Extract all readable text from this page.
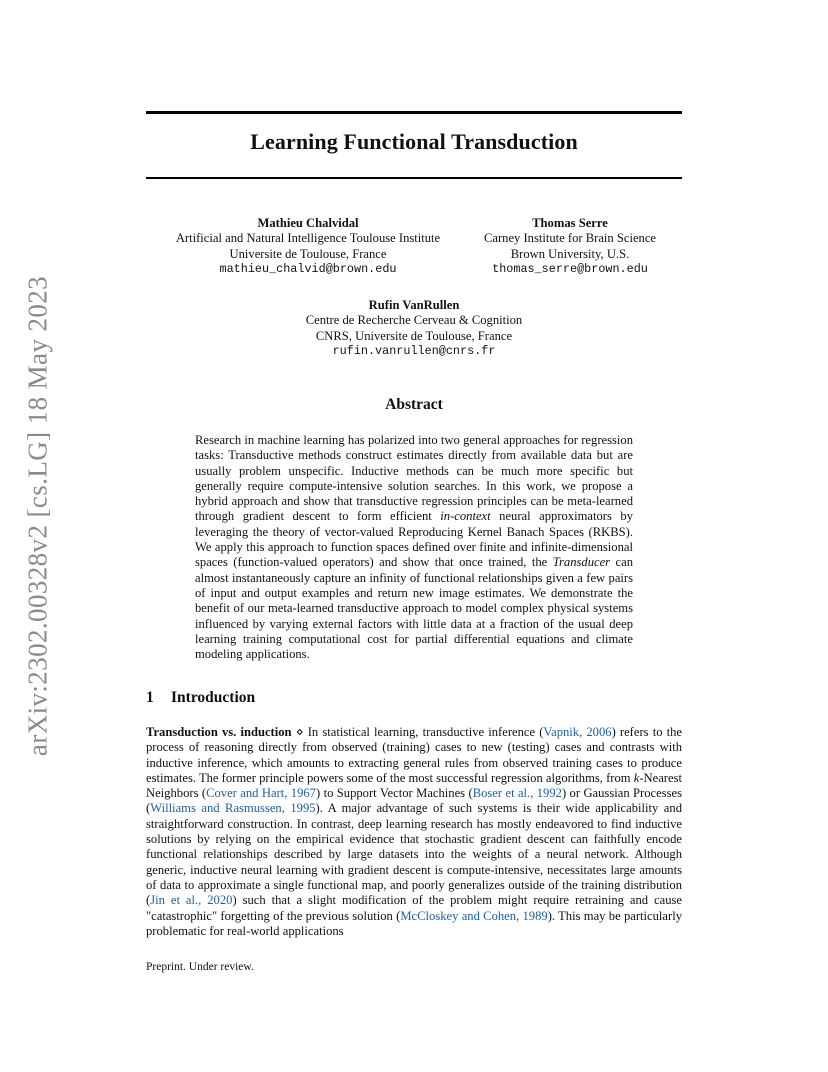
arXiv:2302.00328v2 [cs.LG] 18 May 2023
Learning Functional Transduction
Mathieu Chalvidal
Artificial and Natural Intelligence Toulouse Institute
Universite de Toulouse, France
mathieu_chalvid@brown.edu
Thomas Serre
Carney Institute for Brain Science
Brown University, U.S.
thomas_serre@brown.edu
Rufin VanRullen
Centre de Recherche Cerveau & Cognition
CNRS, Universite de Toulouse, France
rufin.vanrullen@cnrs.fr
Abstract

Research in machine learning has polarized into two general approaches for regression tasks: Transductive methods construct estimates directly from available data but are usually problem unspecific. Inductive methods can be much more specific but generally require compute-intensive solution searches. In this work, we propose a hybrid approach and show that transductive regression principles can be meta-learned through gradient descent to form efficient in-context neural approximators by leveraging the theory of vector-valued Reproducing Kernel Banach Spaces (RKBS). We apply this approach to function spaces defined over finite and infinite-dimensional spaces (function-valued operators) and show that once trained, the Transducer can almost instantaneously capture an infinity of functional relationships given a few pairs of input and output examples and return new image estimates. We demonstrate the benefit of our meta-learned transductive approach to model complex physical systems influenced by varying external factors with little data at a fraction of the usual deep learning training computational cost for partial differential equations and climate modeling applications.

1 Introduction

Transduction vs. induction ⋄ In statistical learning, transductive inference (Vapnik, 2006) refers to the process of reasoning directly from observed (training) cases to new (testing) cases and contrasts with inductive inference, which amounts to extracting general rules from observed training cases to produce estimates. The former principle powers some of the most successful regression algorithms, from k-Nearest Neighbors (Cover and Hart, 1967) to Support Vector Machines (Boser et al., 1992) or Gaussian Processes (Williams and Rasmussen, 1995). A major advantage of such systems is their wide applicability and straightforward construction. In contrast, deep learning research has mostly endeavored to find inductive solutions by relying on the empirical evidence that stochastic gradient descent can faithfully encode functional relationships described by large datasets into the weights of a neural network. Although generic, inductive neural learning with gradient descent is compute-intensive, necessitates large amounts of data to approximate a single functional map, and poorly generalizes outside of the training distribution (Jin et al., 2020) such that a slight modification of the problem might require retraining and cause "catastrophic" forgetting of the previous solution (McCloskey and Cohen, 1989). This may be particularly problematic for real-world applications

Preprint. Under review.
